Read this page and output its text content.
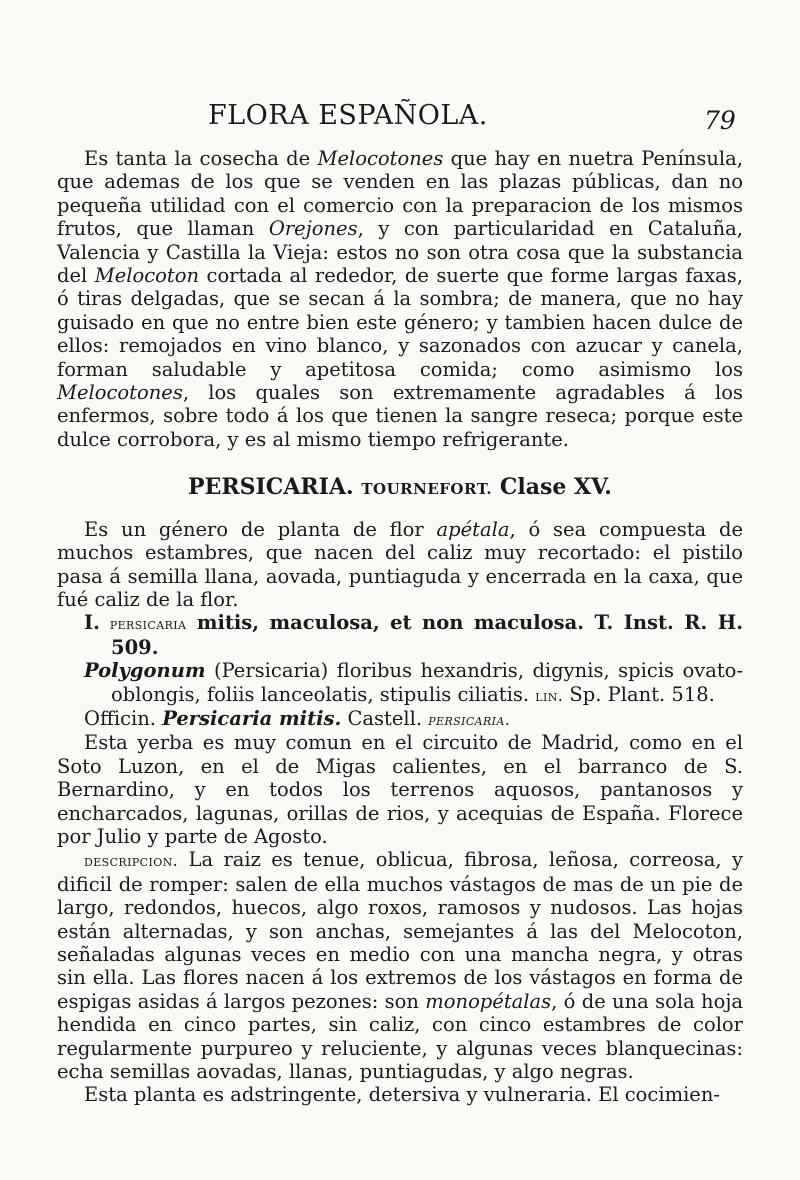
FLORA ESPAÑOLA.	79

Es tanta la cosecha de Melocotones que hay en nuetra Península, que ademas de los que se venden en las plazas públicas, dan no pequeña utilidad con el comercio con la preparacion de los mismos frutos, que llaman Orejones, y con particularidad en Cataluña, Valencia y Castilla la Vieja: estos no son otra cosa que la substancia del Melocoton cortada al rededor, de suerte que forme largas faxas, ó tiras delgadas, que se secan á la sombra; de manera, que no hay guisado en que no entre bien este género; y tambien hacen dulce de ellos: remojados en vino blanco, y sazonados con azucar y canela, forman saludable y apetitosa comida; como asimismo los Melocotones, los quales son extremamente agradables á los enfermos, sobre todo á los que tienen la sangre reseca; porque este dulce corrobora, y es al mismo tiempo refrigerante.

PERSICARIA. TOURNEFORT. Clase XV.

Es un género de planta de flor apétala, ó sea compuesta de muchos estambres, que nacen del caliz muy recortado: el pistilo pasa á semilla llana, aovada, puntiaguda y encerrada en la caxa, que fué caliz de la flor.

I. persicaria mitis, maculosa, et non maculosa. T. Inst. R. H. 509.

Polygonum (Persicaria) floribus hexandris, digynis, spicis ovato-oblongis, foliis lanceolatis, stipulis ciliatis. lin. Sp. Plant. 518.

Officin. Persicaria mitis. Castell. persicaria.

Esta yerba es muy comun en el circuito de Madrid, como en el Soto Luzon, en el de Migas calientes, en el barranco de S. Bernardino, y en todos los terrenos aquosos, pantanosos y encharcados, lagunas, orillas de rios, y acequias de España. Florece por Julio y parte de Agosto.

descripcion. La raiz es tenue, oblicua, fibrosa, leñosa, correosa, y dificil de romper: salen de ella muchos vástagos de mas de un pie de largo, redondos, huecos, algo roxos, ramosos y nudosos. Las hojas están alternadas, y son anchas, semejantes á las del Melocoton, señaladas algunas veces en medio con una mancha negra, y otras sin ella. Las flores nacen á los extremos de los vástagos en forma de espigas asidas á largos pezones: son monopétalas, ó de una sola hoja hendida en cinco partes, sin caliz, con cinco estambres de color regularmente purpureo y reluciente, y algunas veces blanquecinas: echa semillas aovadas, llanas, puntiagudas, y algo negras.

Esta planta es adstringente, detersiva y vulneraria. El cocimien-
